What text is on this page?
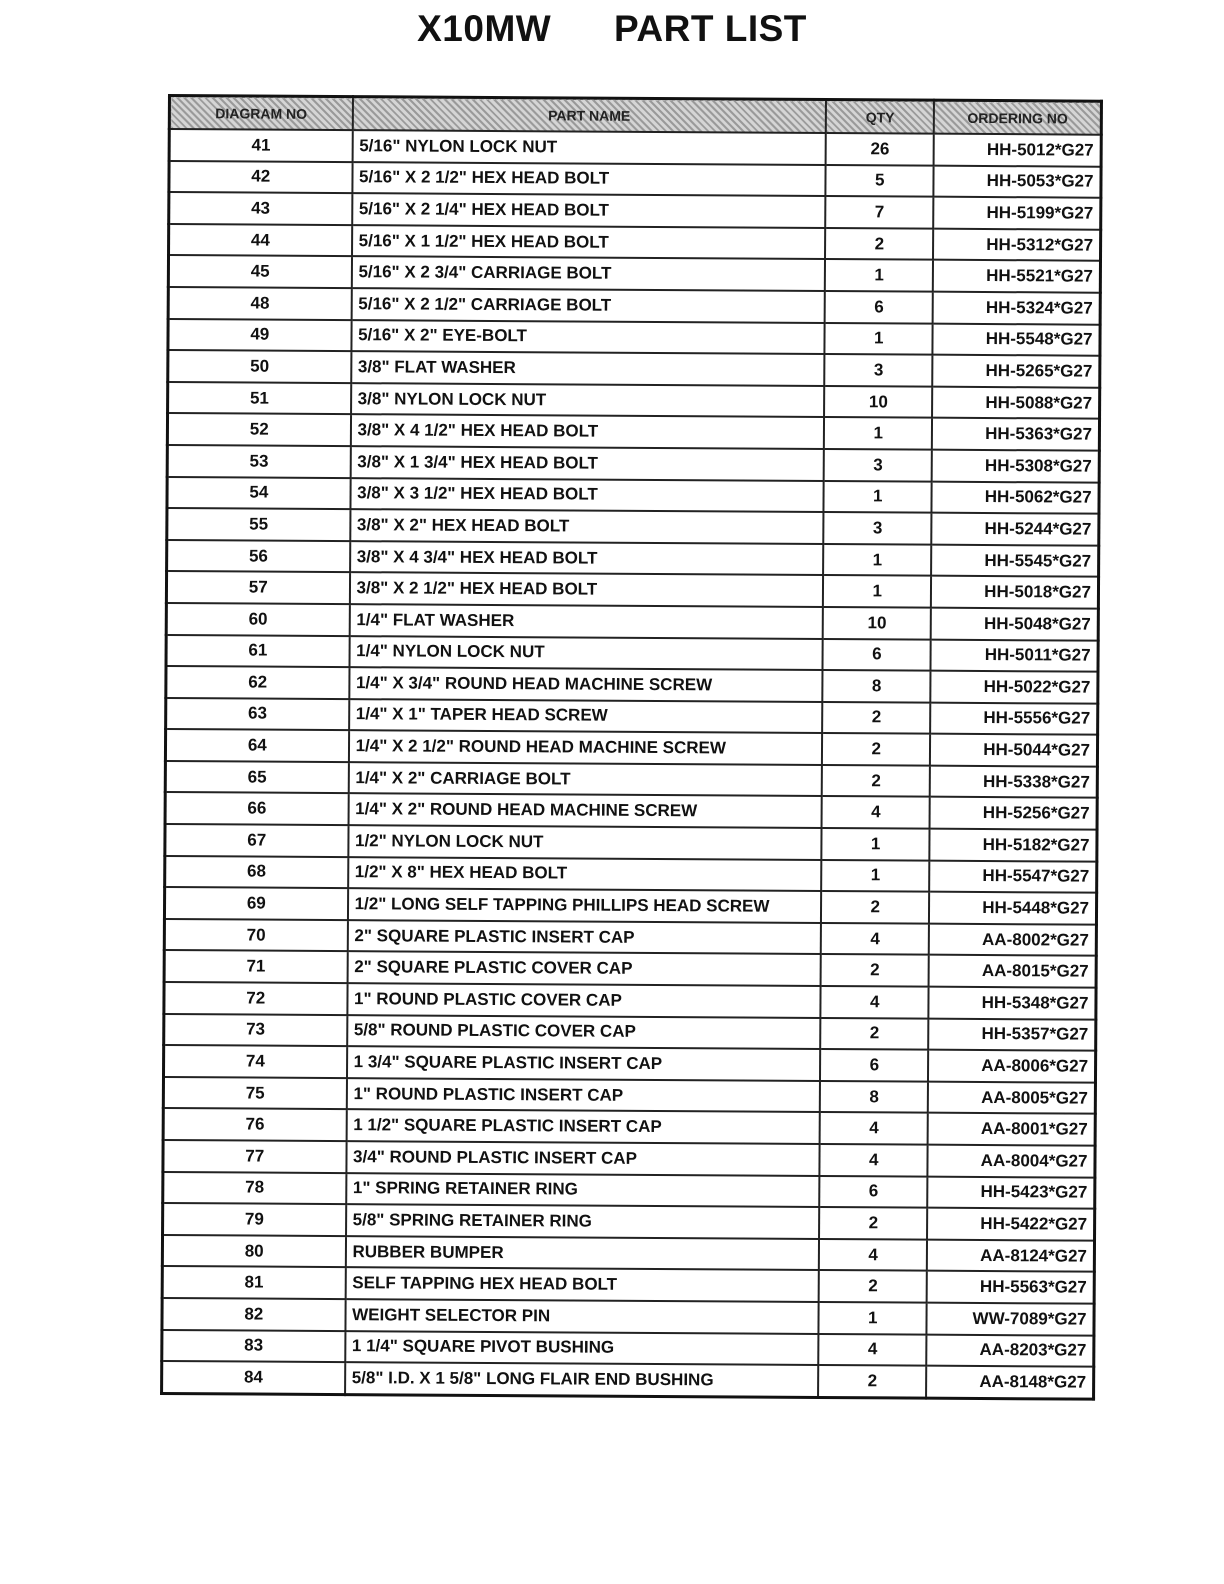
X10MW PART LIST
DIAGRAM NO	PART NAME	QTY	ORDERING NO
41	5/16" NYLON LOCK NUT	26	HH-5012*G27
42	5/16" X 2 1/2" HEX HEAD BOLT	5	HH-5053*G27
43	5/16" X 2 1/4" HEX HEAD BOLT	7	HH-5199*G27
44	5/16" X 1 1/2" HEX HEAD BOLT	2	HH-5312*G27
45	5/16" X 2 3/4" CARRIAGE BOLT	1	HH-5521*G27
48	5/16" X 2 1/2" CARRIAGE BOLT	6	HH-5324*G27
49	5/16" X 2" EYE-BOLT	1	HH-5548*G27
50	3/8" FLAT WASHER	3	HH-5265*G27
51	3/8" NYLON LOCK NUT	10	HH-5088*G27
52	3/8" X 4 1/2" HEX HEAD BOLT	1	HH-5363*G27
53	3/8" X 1 3/4" HEX HEAD BOLT	3	HH-5308*G27
54	3/8" X 3 1/2" HEX HEAD BOLT	1	HH-5062*G27
55	3/8" X 2" HEX HEAD BOLT	3	HH-5244*G27
56	3/8" X 4 3/4" HEX HEAD BOLT	1	HH-5545*G27
57	3/8" X 2 1/2" HEX HEAD BOLT	1	HH-5018*G27
60	1/4" FLAT WASHER	10	HH-5048*G27
61	1/4" NYLON LOCK NUT	6	HH-5011*G27
62	1/4" X 3/4" ROUND HEAD MACHINE SCREW	8	HH-5022*G27
63	1/4" X 1" TAPER HEAD SCREW	2	HH-5556*G27
64	1/4" X 2 1/2" ROUND HEAD MACHINE SCREW	2	HH-5044*G27
65	1/4" X 2" CARRIAGE BOLT	2	HH-5338*G27
66	1/4" X 2" ROUND HEAD MACHINE SCREW	4	HH-5256*G27
67	1/2" NYLON LOCK NUT	1	HH-5182*G27
68	1/2" X 8" HEX HEAD BOLT	1	HH-5547*G27
69	1/2" LONG SELF TAPPING PHILLIPS HEAD SCREW	2	HH-5448*G27
70	2" SQUARE PLASTIC INSERT CAP	4	AA-8002*G27
71	2" SQUARE PLASTIC COVER CAP	2	AA-8015*G27
72	1" ROUND PLASTIC COVER CAP	4	HH-5348*G27
73	5/8" ROUND PLASTIC COVER CAP	2	HH-5357*G27
74	1 3/4" SQUARE PLASTIC INSERT CAP	6	AA-8006*G27
75	1" ROUND PLASTIC INSERT CAP	8	AA-8005*G27
76	1 1/2" SQUARE PLASTIC INSERT CAP	4	AA-8001*G27
77	3/4" ROUND PLASTIC INSERT CAP	4	AA-8004*G27
78	1" SPRING RETAINER RING	6	HH-5423*G27
79	5/8" SPRING RETAINER RING	2	HH-5422*G27
80	RUBBER BUMPER	4	AA-8124*G27
81	SELF TAPPING HEX HEAD BOLT	2	HH-5563*G27
82	WEIGHT SELECTOR PIN	1	WW-7089*G27
83	1 1/4" SQUARE PIVOT BUSHING	4	AA-8203*G27
84	5/8" I.D. X 1 5/8" LONG FLAIR END BUSHING	2	AA-8148*G27
